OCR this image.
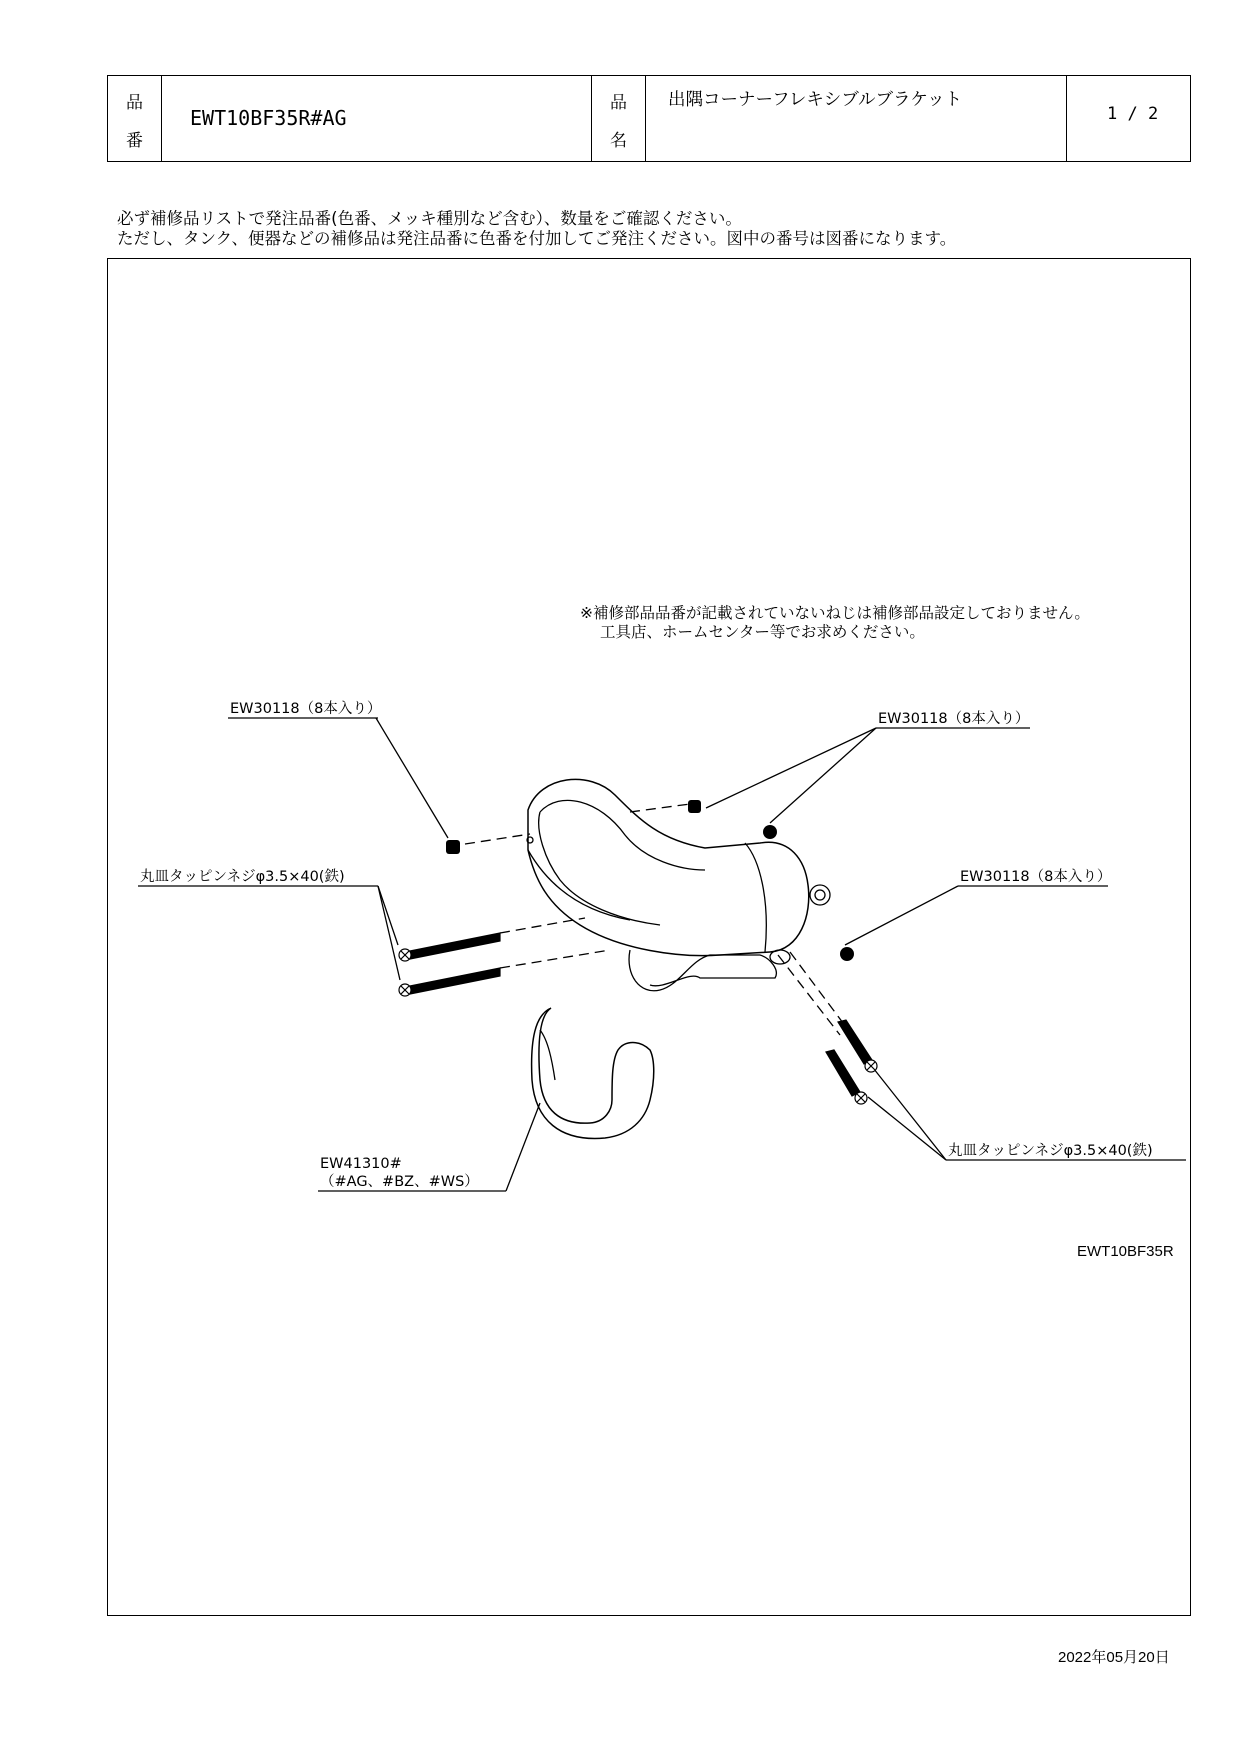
品
番
EWT10BF35R#AG
品
名
出隅コーナーフレキシブルブラケット
1 / 2
必ず補修品リストで発注品番(色番、メッキ種別など含む）、数量をご確認ください。
ただし、タンク、便器などの補修品は発注品番に色番を付加してご発注ください。図中の番号は図番になります。
※補修部品品番が記載されていないねじは補修部品設定しておりません。
工具店、ホームセンター等でお求めください。
EW30118（8本入り）
EW30118（8本入り）
EW30118（8本入り）
丸皿タッピンネジφ3.5×40(鉄)
丸皿タッピンネジφ3.5×40(鉄)
EW41310#
（#AG、#BZ、#WS）
EWT10BF35R
2022年05月20日
